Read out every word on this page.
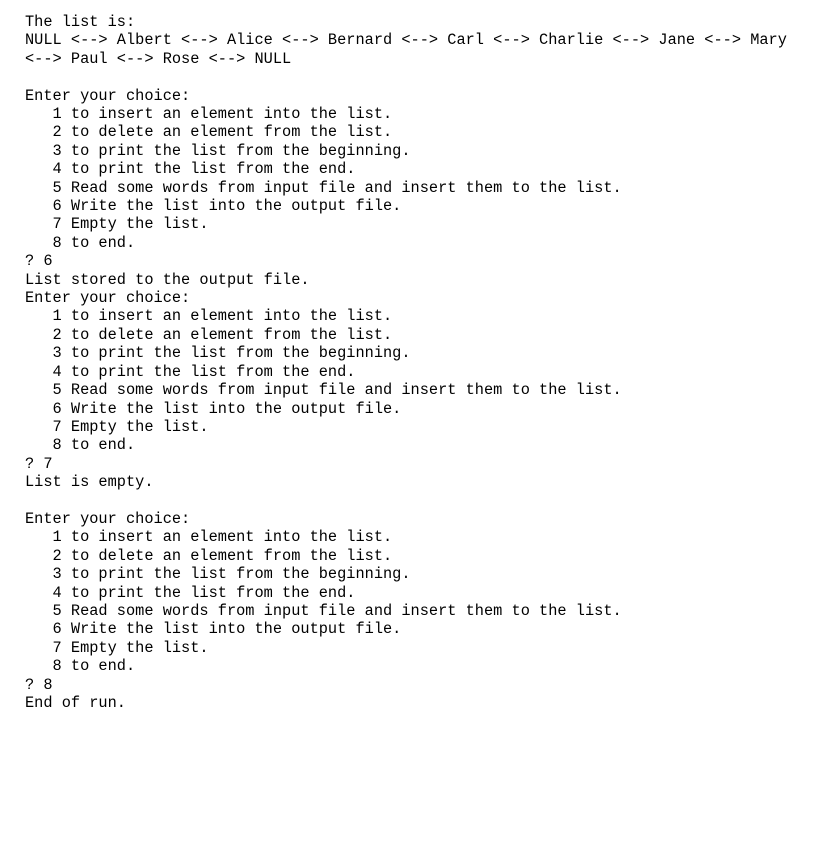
The list is:
NULL <--> Albert <--> Alice <--> Bernard <--> Carl <--> Charlie <--> Jane <--> Mary
<--> Paul <--> Rose <--> NULL
Enter your choice:
1 to insert an element into the list.
2 to delete an element from the list.
3 to print the list from the beginning.
4 to print the list from the end.
5 Read some words from input file and insert them to the list.
6 Write the list into the output file.
7 Empty the list.
8 to end.
? 6
List stored to the output file.
Enter your choice:
1 to insert an element into the list.
2 to delete an element from the list.
3 to print the list from the beginning.
4 to print the list from the end.
5 Read some words from input file and insert them to the list.
6 Write the list into the output file.
7 Empty the list.
8 to end.
? 7
List is empty.
Enter your choice:
1 to insert an element into the list.
2 to delete an element from the list.
3 to print the list from the beginning.
4 to print the list from the end.
5 Read some words from input file and insert them to the list.
6 Write the list into the output file.
7 Empty the list.
8 to end.
? 8
End of run.
